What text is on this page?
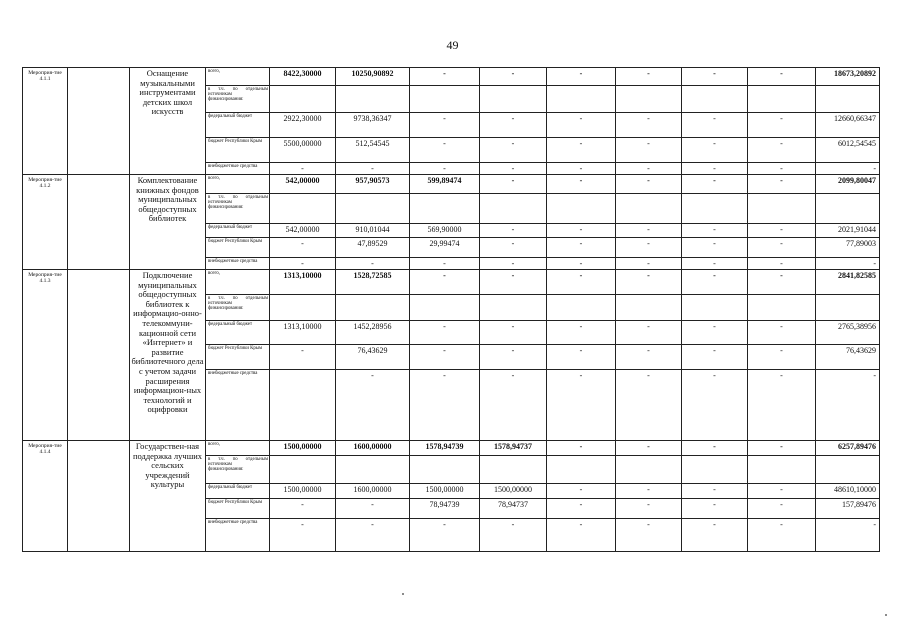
49
Мероприя-тие 4.1.1		Оснащение музыкальными инструментами детских школ искусств	всего,	8422,30000	10250,90892	-	-	-	-	-	-	18673,20892
			в т.ч. по отдельным источникам финансирования:									
			федеральный бюджет	2922,30000	9738,36347	-	-	-	-	-	-	12660,66347
			бюджет Республики Крым	5500,00000	512,54545	-	-	-	-	-	-	6012,54545
			внебюджетные средства	-	-	-	-	-	-	-	-	-
Мероприя-тие 4.1.2		Комплектование книжных фондов муниципальных общедоступных библиотек	всего,	542,00000	957,90573	599,89474	-	-	-	-	-	2099,80047
			в т.ч. по отдельным источникам финансирования:									
			федеральный бюджет	542,00000	910,01044	569,90000	-	-	-	-	-	2021,91044
			бюджет Республики Крым	-	47,89529	29,99474	-	-	-	-	-	77,89003
			внебюджетные средства	-	-	-	-	-	-	-	-	-
Мероприя-тие 4.1.3		Подключение муниципальных общедоступных библиотек к информацио-онно-телекоммуни-кационной сети «Интернет» и развитие библиотечного дела с учетом задачи расширения информацион-ных технологий и оцифровки	всего,	1313,10000	1528,72585	-	-	-	-	-	-	2841,82585
			в т.ч. по отдельным источникам финансирования:									
			федеральный бюджет	1313,10000	1452,28956	-	-	-	-	-	-	2765,38956
			бюджет Республики Крым	-	76,43629	-	-	-	-	-	-	76,43629
			внебюджетные средства		-	-	-	-	-	-	-	-
Мероприя-тие 4.1.4		Государствен-ная поддержка лучших сельских учреждений культуры	всего,	1500,00000	1600,00000	1578,94739	1578,94737	-	-	-	-	6257,89476
			в т.ч. по отдельным источникам финансирования:									
			федеральный бюджет	1500,00000	1600,00000	1500,00000	1500,00000	-	-	-	-	48610,10000
			бюджет Республики Крым	-	-	78,94739	78,94737	-	-	-	-	157,89476
			внебюджетные средства	-	-	-	-	-	-	-	-	-
